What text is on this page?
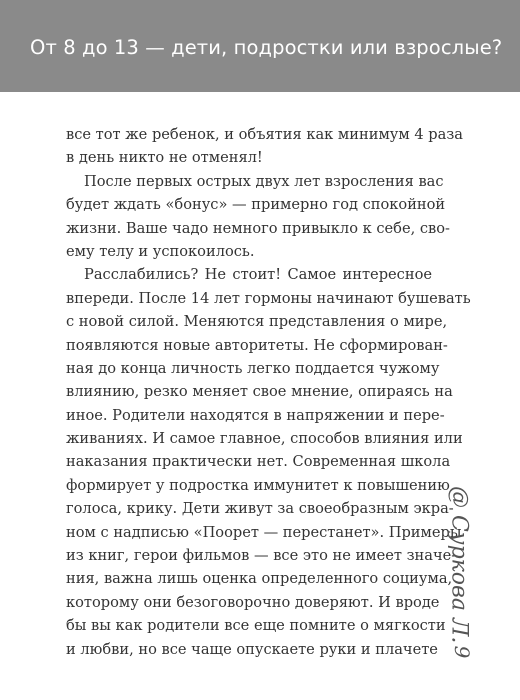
От 8 до 13 — дети, подростки или взрослые?
все тот же ребенок, и объятия как минимум 4 раза
в день никто не отменял!
После первых острых двух лет взросления вас
будет ждать «бонус» — примерно год спокойной
жизни. Ваше чадо немного привыкло к себе, сво-
ему телу и успокоилось.
Расслабились? Не стоит! Самое интересное
впереди. После 14 лет гормоны начинают бушевать
с новой силой. Меняются представления о мире,
появляются новые авторитеты. Не сформирован-
ная до конца личность легко поддается чужому
влиянию, резко меняет свое мнение, опираясь на
иное. Родители находятся в напряжении и пере-
живаниях. И самое главное, способов влияния или
наказания практически нет. Современная школа
формирует у подростка иммунитет к повышению
голоса, крику. Дети живут за своеобразным экра-
ном с надписью «Поорет — перестанет». Примеры
из книг, герои фильмов — все это не имеет значе-
ния, важна лишь оценка определенного социума,
которому они безоговорочно доверяют. И вроде
бы вы как родители все еще помните о мягкости
и любви, но все чаще опускаете руки и плачете
@ Суркова Л.
9
